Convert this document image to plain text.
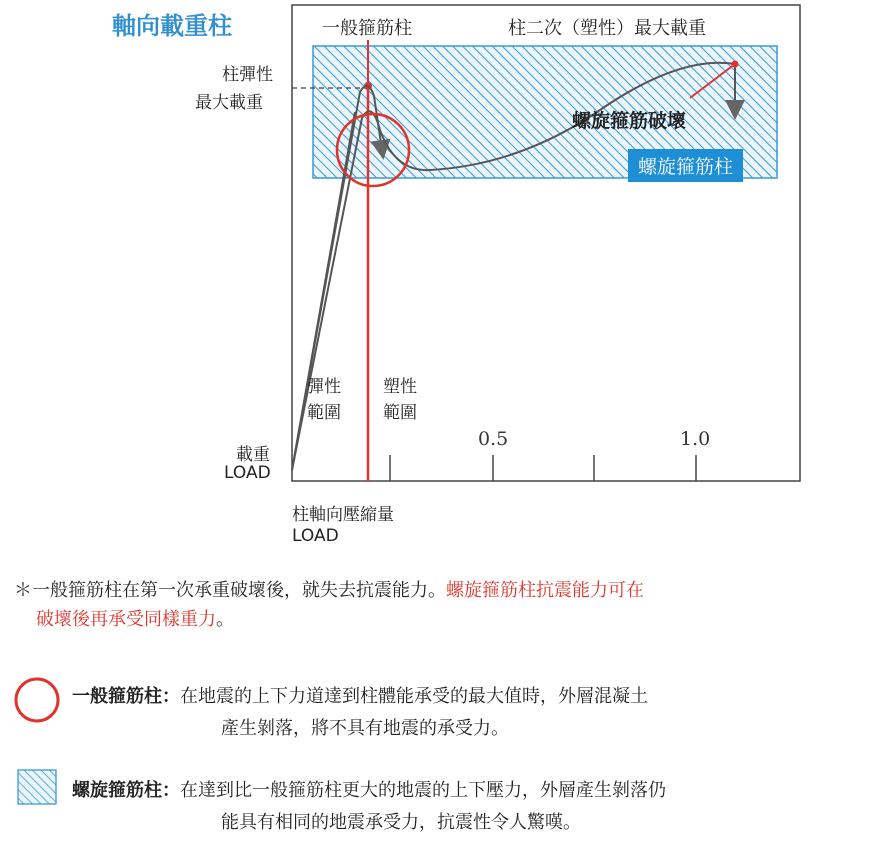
軸向載重柱	一般箍筋柱	柱二次（塑性）最大載重
柱彈性
最大載重
螺旋箍筋破壞
螺旋箍筋柱
彈性
範圍
塑性
範圍
0.5	1.0
載重
LOAD
柱軸向壓縮量
LOAD
＊一般箍筋柱在第一次承重破壞後，就失去抗震能力。螺旋箍筋柱抗震能力可在
破壞後再承受同樣重力。
一般箍筋柱：在地震的上下力道達到柱體能承受的最大值時，外層混凝土
產生剝落，將不具有地震的承受力。
螺旋箍筋柱：在達到比一般箍筋柱更大的地震的上下壓力，外層產生剝落仍
能具有相同的地震承受力，抗震性令人驚嘆。
